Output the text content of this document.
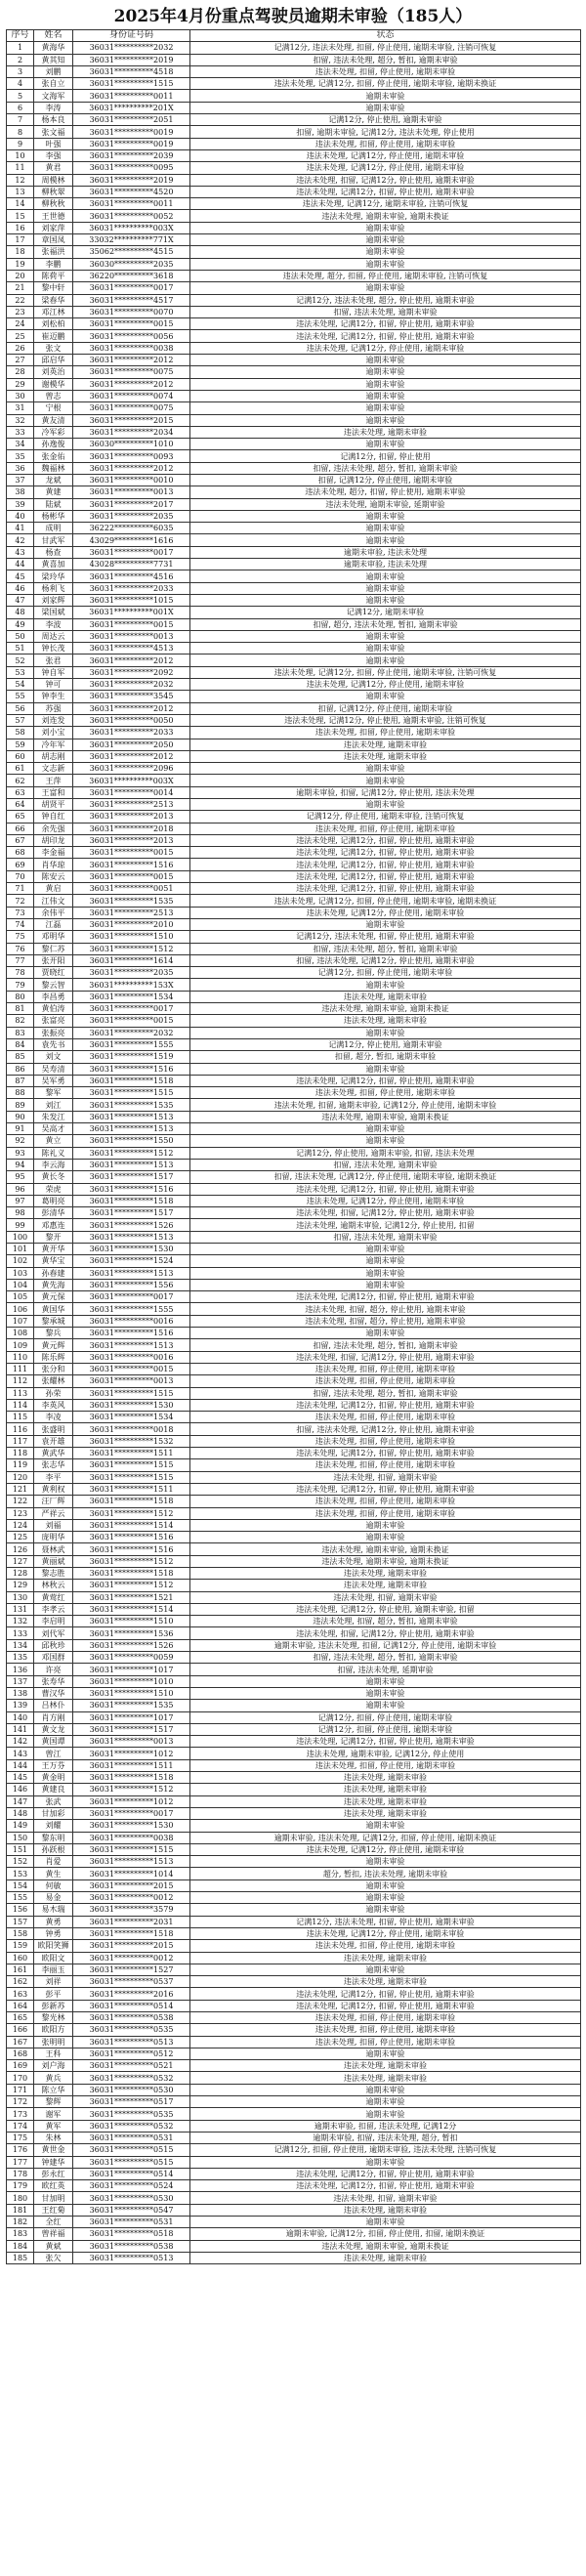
2025年4月份重点驾驶员逾期未审验（185人）
序号	姓名	身份证号码	状态
1	黄海华	36031**********2032	记满12分, 违法未处理, 扣留, 停止使用, 逾期未审验, 注销可恢复
2	黄其知	36031**********2019	扣留, 违法未处理, 超分, 暂扣, 逾期未审验
3	刘鹏	36031**********4518	违法未处理, 扣留, 停止使用, 逾期未审验
4	张自立	36031**********1515	违法未处理, 记满12分, 扣留, 停止使用, 逾期未审验, 逾期未换证
5	文海军	36031**********0011	逾期未审验
6	李涛	36031**********201X	逾期未审验
7	杨本良	36031**********2051	记满12分, 停止使用, 逾期未审验
8	张文福	36031**********0019	扣留, 逾期未审验, 记满12分, 违法未处理, 停止使用
9	叶强	36031**********0019	违法未处理, 扣留, 停止使用, 逾期未审验
10	李强	36031**********2039	违法未处理, 记满12分, 停止使用, 逾期未审验
11	黄君	36031**********0095	违法未处理, 记满12分, 停止使用, 逾期未审验
12	周模林	36031**********2019	违法未处理, 扣留, 记满12分, 停止使用, 逾期未审验
13	柳秋翠	36031**********4520	违法未处理, 记满12分, 扣留, 停止使用, 逾期未审验
14	柳秋秋	36031**********0011	违法未处理, 记满12分, 逾期未审验, 注销可恢复
15	王世德	36031**********0052	违法未处理, 逾期未审验, 逾期未换证
16	刘家萍	36031**********003X	逾期未审验
17	章国凤	33032**********771X	逾期未审验
18	张福洪	35062**********4515	逾期未审验
19	李鹏	36030**********2035	逾期未审验
20	陈荷平	36220**********3618	违法未处理, 超分, 扣留, 停止使用, 逾期未审验, 注销可恢复
21	黎中轩	36031**********0017	逾期未审验
22	梁春华	36031**********4517	记满12分, 违法未处理, 超分, 停止使用, 逾期未审验
23	邓江林	36031**********0070	扣留, 违法未处理, 逾期未审验
24	刘松柏	36031**********0015	违法未处理, 记满12分, 扣留, 停止使用, 逾期未审验
25	崔迈鹏	36031**********0056	违法未处理, 记满12分, 扣留, 停止使用, 逾期未审验
26	张文	36031**********0038	违法未处理, 记满12分, 停止使用, 逾期未审验
27	邱启华	36031**********2012	逾期未审验
28	刘英治	36031**********0075	逾期未审验
29	谢模华	36031**********2012	逾期未审验
30	曾志	36031**********0074	逾期未审验
31	宁根	36031**********0075	逾期未审验
32	黄友清	36031**********2015	逾期未审验
33	冷军彩	36031**********2034	违法未处理, 逾期未审验
34	孙逸俊	36030**********1010	逾期未审验
35	张金佑	36031**********0093	记满12分, 扣留, 停止使用
36	魏福林	36031**********2012	扣留, 违法未处理, 超分, 暂扣, 逾期未审验
37	龙斌	36031**********0010	扣留, 记满12分, 停止使用, 逾期未审验
38	黄建	36031**********0013	违法未处理, 超分, 扣留, 停止使用, 逾期未审验
39	陆斌	36031**********2017	违法未处理, 逾期未审验, 延期审验
40	杨彬华	36031**********2035	逾期未审验
41	成明	36222**********6035	逾期未审验
42	甘武军	43029**********1616	逾期未审验
43	杨查	36031**********0017	逾期未审验, 违法未处理
44	黄喜加	43028**********7731	逾期未审验, 违法未处理
45	梁玲华	36031**********4516	逾期未审验
46	杨利飞	36031**********2033	逾期未审验
47	刘家辉	36031**********1015	逾期未审验
48	梁国斌	36031**********001X	记满12分, 逾期未审验
49	李波	36031**********0015	扣留, 超分, 违法未处理, 暂扣, 逾期未审验
50	周达云	36031**********0013	逾期未审验
51	钟长茂	36031**********4513	逾期未审验
52	张君	36031**********2012	逾期未审验
53	钟自军	36031**********2092	违法未处理, 记满12分, 扣留, 停止使用, 逾期未审验, 注销可恢复
54	钟可	36031**********2032	违法未处理, 记满12分, 停止使用, 逾期未审验
55	钟李生	36031**********3545	逾期未审验
56	苏强	36031**********2012	扣留, 记满12分, 停止使用, 逾期未审验
57	刘连发	36031**********0050	违法未处理, 记满12分, 停止使用, 逾期未审验, 注销可恢复
58	刘小宝	36031**********2033	违法未处理, 扣留, 停止使用, 逾期未审验
59	冷年军	36031**********2050	违法未处理, 逾期未审验
60	胡志刚	36031**********2012	违法未处理, 逾期未审验
61	文志新	36031**********2096	逾期未审验
62	王萍	36031**********003X	逾期未审验
63	王富和	36031**********0014	逾期未审验, 扣留, 记满12分, 停止使用, 违法未处理
64	胡贤平	36031**********2513	逾期未审验
65	钟自红	36031**********2013	记满12分, 停止使用, 逾期未审验, 注销可恢复
66	余先强	36031**********2018	违法未处理, 扣留, 停止使用, 逾期未审验
67	胡印龙	36031**********2013	违法未处理, 记满12分, 扣留, 停止使用, 逾期未审验
68	李金福	36031**********0015	违法未处理, 记满12分, 扣留, 停止使用, 逾期未审验
69	肖华琼	36031**********1516	违法未处理, 记满12分, 扣留, 停止使用, 逾期未审验
70	陈安云	36031**********0015	违法未处理, 记满12分, 扣留, 停止使用, 逾期未审验
71	黄启	36031**********0051	违法未处理, 记满12分, 扣留, 停止使用, 逾期未审验
72	江伟文	36031**********1535	违法未处理, 记满12分, 扣留, 停止使用, 逾期未审验, 逾期未换证
73	余伟平	36031**********2513	违法未处理, 记满12分, 停止使用, 逾期未审验
74	江磊	36031**********2010	逾期未审验
75	邓明华	36031**********1510	记满12分, 违法未处理, 扣留, 停止使用, 逾期未审验
76	黎仁苏	36031**********1512	扣留, 违法未处理, 超分, 暂扣, 逾期未审验
77	张开阳	36031**********1614	扣留, 违法未处理, 记满12分, 停止使用, 逾期未审验
78	贾晓红	36031**********2035	记满12分, 扣留, 停止使用, 逾期未审验
79	黎云智	36031**********153X	逾期未审验
80	李昌勇	36031**********1534	违法未处理, 逾期未审验
81	黄伯涛	36031**********0017	违法未处理, 逾期未审验, 逾期未换证
82	张富亮	36031**********0015	违法未处理, 逾期未审验
83	张振亮	36031**********2032	逾期未审验
84	袁先书	36031**********1555	记满12分, 停止使用, 逾期未审验
85	刘文	36031**********1519	扣留, 超分, 暂扣, 逾期未审验
86	吴寿清	36031**********1516	逾期未审验
87	吴军勇	36031**********1518	违法未处理, 记满12分, 扣留, 停止使用, 逾期未审验
88	黎军	36031**********1515	违法未处理, 扣留, 停止使用, 逾期未审验
89	刘江	36031**********1535	违法未处理, 扣留, 逾期未审验, 记满12分, 停止使用, 逾期未审验
90	朱发江	36031**********1513	违法未处理, 逾期未审验, 逾期未换证
91	吴高才	36031**********1513	逾期未审验
92	黄立	36031**********1550	逾期未审验
93	陈礼义	36031**********1512	记满12分, 停止使用, 逾期未审验, 扣留, 违法未处理
94	李云海	36031**********1513	扣留, 违法未处理, 逾期未审验
95	黄长冬	36031**********1517	扣留, 违法未处理, 记满12分, 停止使用, 逾期未审验, 逾期未换证
96	荣虎	36031**********1516	违法未处理, 记满12分, 扣留, 停止使用, 逾期未审验
97	葛明亮	36031**********1518	违法未处理, 记满12分, 停止使用, 逾期未审验
98	彭清华	36031**********1517	违法未处理, 扣留, 记满12分, 停止使用, 逾期未审验
99	邓惠连	36031**********1526	违法未处理, 逾期未审验, 记满12分, 停止使用, 扣留
100	黎开	36031**********1513	扣留, 违法未处理, 逾期未审验
101	黄开华	36031**********1530	逾期未审验
102	黄华宝	36031**********1524	逾期未审验
103	孙春建	36031**********1513	逾期未审验
104	黄先海	36031**********1556	逾期未审验
105	黄元保	36031**********0017	违法未处理, 记满12分, 扣留, 停止使用, 逾期未审验
106	黄国华	36031**********1555	违法未处理, 扣留, 超分, 停止使用, 逾期未审验
107	黎承城	36031**********0016	违法未处理, 扣留, 超分, 停止使用, 逾期未审验
108	黎兵	36031**********1516	逾期未审验
109	黄元辉	36031**********1513	扣留, 违法未处理, 超分, 暂扣, 逾期未审验
110	陈乐辉	36031**********0016	违法未处理, 扣留, 记满12分, 停止使用, 逾期未审验
111	张分和	36031**********0015	违法未处理, 扣留, 停止使用, 逾期未审验
112	张耀林	36031**********0013	违法未处理, 扣留, 停止使用, 逾期未审验
113	孙荣	36031**********1515	扣留, 违法未处理, 超分, 暂扣, 逾期未审验
114	李英风	36031**********1530	违法未处理, 记满12分, 扣留, 停止使用, 逾期未审验
115	李凌	36031**********1534	违法未处理, 扣留, 停止使用, 逾期未审验
116	张盛明	36031**********0018	扣留, 违法未处理, 记满12分, 停止使用, 逾期未审验
117	袁开雄	36031**********1532	违法未处理, 扣留, 停止使用, 逾期未审验
118	黄武华	36031**********1511	违法未处理, 记满12分, 扣留, 停止使用, 逾期未审验
119	张志华	36031**********1515	违法未处理, 扣留, 停止使用, 逾期未审验
120	李平	36031**********1515	违法未处理, 扣留, 逾期未审验
121	黄利权	36031**********1511	违法未处理, 记满12分, 扣留, 停止使用, 逾期未审验
122	汪厂辉	36031**********1518	违法未处理, 扣留, 停止使用, 逾期未审验
123	严祥云	36031**********1512	违法未处理, 扣留, 停止使用, 逾期未审验
124	刘福	36031**********1514	逾期未审验
125	庞明华	36031**********1516	逾期未审验
126	聂林武	36031**********1516	违法未处理, 逾期未审验, 逾期未换证
127	黄丽斌	36031**********1512	违法未处理, 逾期未审验, 逾期未换证
128	黎志胜	36031**********1518	违法未处理, 逾期未审验
129	林秋云	36031**********1512	违法未处理, 逾期未审验
130	黄莺红	36031**********1521	违法未处理, 扣留, 逾期未审验
131	李孝云	36031**********1514	违法未处理, 记满12分, 停止使用, 逾期未审验, 扣留
132	李启明	36031**********1510	违法未处理, 扣留, 超分, 暂扣, 逾期未审验
133	刘代军	36031**********1536	违法未处理, 扣留, 记满12分, 停止使用, 逾期未审验
134	邱秋珍	36031**********1526	逾期未审验, 违法未处理, 扣留, 记满12分, 停止使用, 逾期未审验
135	邓国群	36031**********0059	扣留, 违法未处理, 超分, 暂扣, 逾期未审验
136	许亮	36031**********1017	扣留, 违法未处理, 延期审验
137	张寿华	36031**********1010	逾期未审验
138	曹汉华	36031**********1510	逾期未审验
139	吕林仆	36031**********1535	逾期未审验
140	肖方刚	36031**********1017	记满12分, 扣留, 停止使用, 逾期未审验
141	黄文龙	36031**********1517	记满12分, 扣留, 停止使用, 逾期未审验
142	黄国谭	36031**********0013	违法未处理, 记满12分, 扣留, 停止使用, 逾期未审验
143	曾江	36031**********1012	违法未处理, 逾期未审验, 记满12分, 停止使用
144	王万芬	36031**********1511	违法未处理, 扣留, 停止使用, 逾期未审验
145	黄金明	36031**********1518	违法未处理, 逾期未审验
146	黄建良	36031**********1512	违法未处理, 逾期未审验
147	张武	36031**********1012	违法未处理, 逾期未审验
148	甘加彩	36031**********0017	违法未处理, 逾期未审验
149	刘耀	36031**********1530	逾期未审验
150	黎东明	36031**********0038	逾期未审验, 违法未处理, 记满12分, 扣留, 停止使用, 逾期未换证
151	孙跃根	36031**********1515	违法未处理, 记满12分, 停止使用, 逾期未审验
152	肖爱	36031**********1513	逾期未审验
153	黄生	36031**********1014	超分, 暂扣, 违法未处理, 逾期未审验
154	何敏	36031**********2015	逾期未审验
155	易金	36031**********0012	逾期未审验
156	易木瑞	36031**********3579	逾期未审验
157	黄勇	36031**********2031	记满12分, 违法未处理, 扣留, 停止使用, 逾期未审验
158	钟勇	36031**********1518	违法未处理, 记满12分, 停止使用, 逾期未审验
159	欧阳笑狮	36031**********2015	违法未处理, 扣留, 停止使用, 逾期未审验
160	欧阳文	36031**********0012	违法未处理, 逾期未审验
161	李丽玉	36031**********1527	逾期未审验
162	刘祥	36031**********0537	违法未处理, 逾期未审验
163	彭平	36031**********2016	违法未处理, 记满12分, 扣留, 停止使用, 逾期未审验
164	彭新苏	36031**********0514	违法未处理, 记满12分, 扣留, 停止使用, 逾期未审验
165	黎光林	36031**********0538	违法未处理, 扣留, 停止使用, 逾期未审验
166	欧阳方	36031**********0535	违法未处理, 扣留, 停止使用, 逾期未审验
167	张明明	36031**********0513	违法未处理, 扣留, 停止使用, 逾期未审验
168	王科	36031**********0512	逾期未审验
169	刘户海	36031**********0521	违法未处理, 逾期未审验
170	黄兵	36031**********0532	违法未处理, 逾期未审验
171	陈立华	36031**********0530	逾期未审验
172	黎辉	36031**********0517	逾期未审验
173	谢军	36031**********0535	逾期未审验
174	黄军	36031**********0532	逾期未审验, 扣留, 违法未处理, 记满12分
175	朱林	36031**********0531	逾期未审验, 扣留, 违法未处理, 超分, 暂扣
176	黄世金	36031**********0515	记满12分, 扣留, 停止使用, 逾期未审验, 违法未处理, 注销可恢复
177	钟建华	36031**********0515	逾期未审验
178	彭永红	36031**********0514	违法未处理, 记满12分, 扣留, 停止使用, 逾期未审验
179	欧红英	36031**********0524	违法未处理, 记满12分, 扣留, 停止使用, 逾期未审验
180	甘加明	36031**********0530	违法未处理, 扣留, 逾期未审验
181	王红菊	36031**********0547	违法未处理, 逾期未审验
182	全红	36031**********0531	逾期未审验
183	曾祥福	36031**********0518	逾期未审验, 记满12分, 扣留, 停止使用, 扣留, 逾期未换证
184	黄斌	36031**********0538	违法未处理, 逾期未审验, 逾期未换证
185	张欠	36031**********0513	违法未处理, 逾期未审验
